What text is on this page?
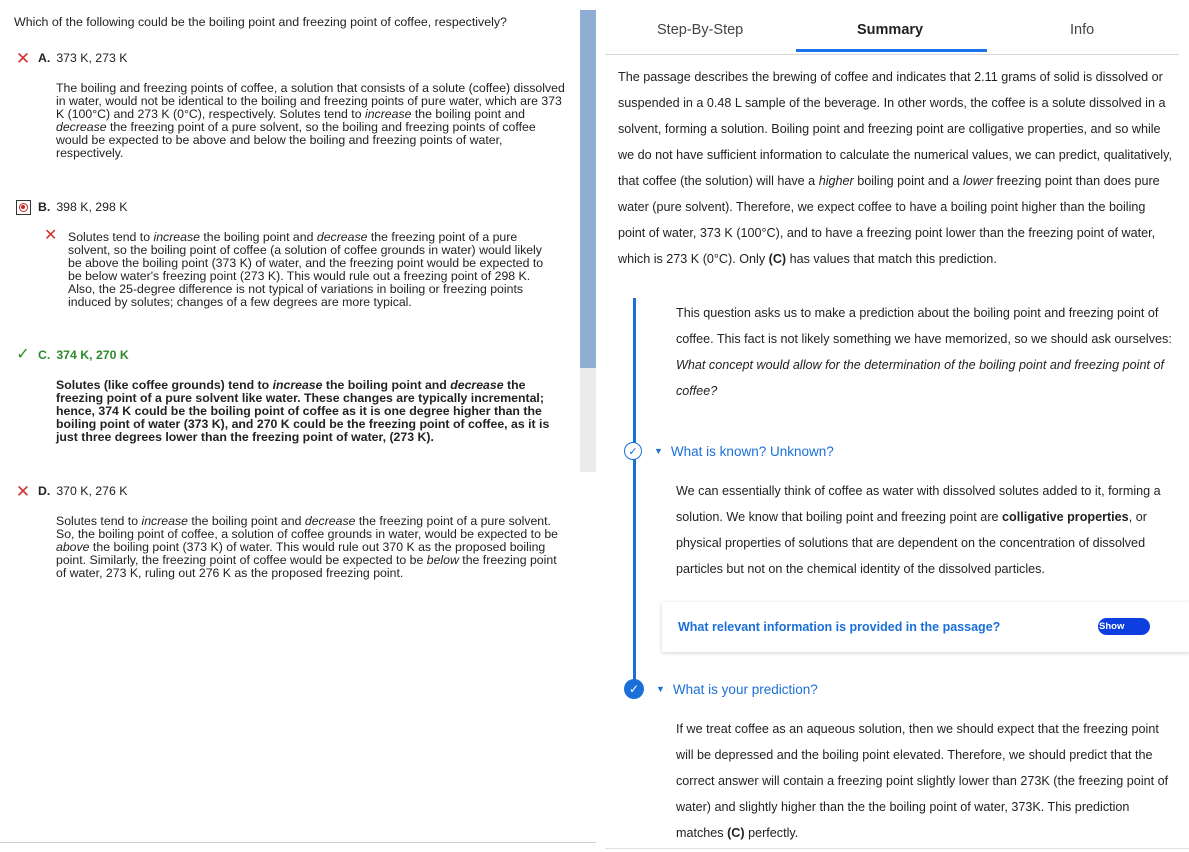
Which of the following could be the boiling point and freezing point of coffee, respectively?
✕ A. 373 K, 273 K
The boiling and freezing points of coffee, a solution that consists of a solute (coffee) dissolved in water, would not be identical to the boiling and freezing points of pure water, which are 373 K (100°C) and 273 K (0°C), respectively. Solutes tend to increase the boiling point and decrease the freezing point of a pure solvent, so the boiling and freezing points of coffee would be expected to be above and below the boiling and freezing points of water, respectively.
B. 398 K, 298 K
✕ Solutes tend to increase the boiling point and decrease the freezing point of a pure solvent, so the boiling point of coffee (a solution of coffee grounds in water) would likely be above the boiling point (373 K) of water, and the freezing point would be expected to be below water's freezing point (273 K). This would rule out a freezing point of 298 K. Also, the 25-degree difference is not typical of variations in boiling or freezing points induced by solutes; changes of a few degrees are more typical.
✓ C. 374 K, 270 K
Solutes (like coffee grounds) tend to increase the boiling point and decrease the freezing point of a pure solvent like water. These changes are typically incremental; hence, 374 K could be the boiling point of coffee as it is one degree higher than the boiling point of water (373 K), and 270 K could be the freezing point of coffee, as it is just three degrees lower than the freezing point of water, (273 K).
✕ D. 370 K, 276 K
Solutes tend to increase the boiling point and decrease the freezing point of a pure solvent. So, the boiling point of coffee, a solution of coffee grounds in water, would be expected to be above the boiling point (373 K) of water. This would rule out 370 K as the proposed boiling point. Similarly, the freezing point of coffee would be expected to be below the freezing point of water, 273 K, ruling out 276 K as the proposed freezing point.
Step-By-Step	Summary	Info
The passage describes the brewing of coffee and indicates that 2.11 grams of solid is dissolved or suspended in a 0.48 L sample of the beverage. In other words, the coffee is a solute dissolved in a solvent, forming a solution. Boiling point and freezing point are colligative properties, and so while we do not have sufficient information to calculate the numerical values, we can predict, qualitatively, that coffee (the solution) will have a higher boiling point and a lower freezing point than does pure water (pure solvent). Therefore, we expect coffee to have a boiling point higher than the boiling point of water, 373 K (100°C), and to have a freezing point lower than the freezing point of water, which is 273 K (0°C). Only (C) has values that match this prediction.
This question asks us to make a prediction about the boiling point and freezing point of coffee. This fact is not likely something we have memorized, so we should ask ourselves: What concept would allow for the determination of the boiling point and freezing point of coffee?
✓	▼ What is known? Unknown?
We can essentially think of coffee as water with dissolved solutes added to it, forming a solution. We know that boiling point and freezing point are colligative properties, or physical properties of solutions that are dependent on the concentration of dissolved particles but not on the chemical identity of the dissolved particles.
What relevant information is provided in the passage?	Show
✓	▼ What is your prediction?
If we treat coffee as an aqueous solution, then we should expect that the freezing point will be depressed and the boiling point elevated. Therefore, we should predict that the correct answer will contain a freezing point slightly lower than 273K (the freezing point of water) and slightly higher than the the boiling point of water, 373K. This prediction matches (C) perfectly.
